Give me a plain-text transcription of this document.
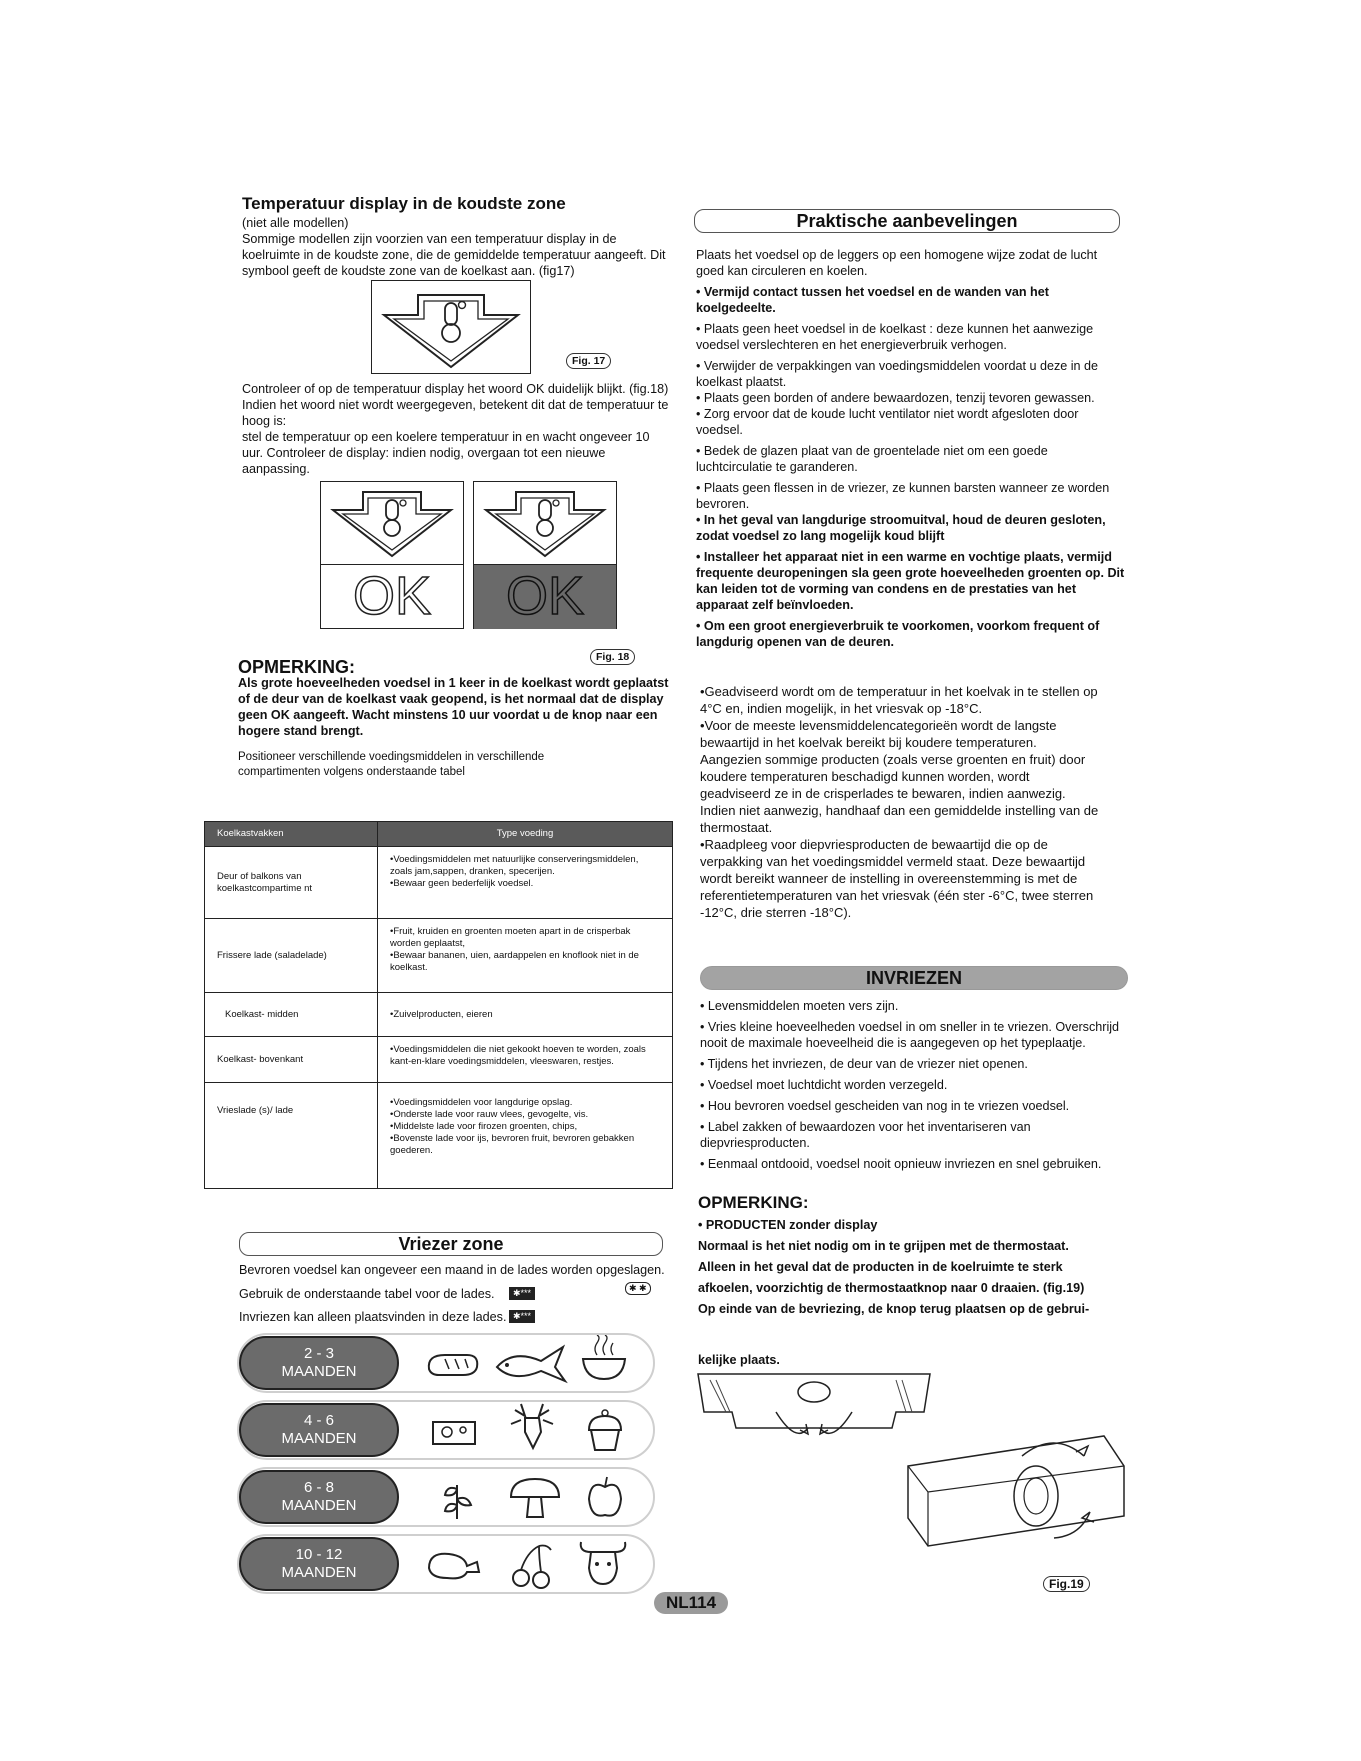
Temperatuur display in de koudste zone
(niet alle modellen)
Sommige modellen zijn voorzien van een temperatuur display in de koelruimte in de koudste zone, die de gemiddelde temperatuur aangeeft. Dit symbool geeft de koudste zone van de koelkast aan. (fig17)
Fig. 17
Controleer of op de temperatuur display het woord OK duidelijk blijkt. (fig.18)
Indien het woord niet wordt weergegeven, betekent dit dat de temperatuur te hoog is:
stel de temperatuur op een koelere temperatuur in en wacht ongeveer 10 uur. Controleer de display: indien nodig, overgaan tot een nieuwe aanpassing.
OK	OK
Fig. 18
OPMERKING:
Als grote hoeveelheden voedsel in 1 keer in de koelkast wordt geplaatst of de deur van de koelkast vaak geopend, is het normaal dat de display geen OK aangeeft. Wacht minstens 10 uur voordat u de knop naar een hogere stand brengt.
Positioneer verschillende voedingsmiddelen in verschillende compartimenten volgens onderstaande tabel
Koelkastvakken	Type voeding
Deur of balkons van koelkastcompartime nt	•Voedingsmiddelen met natuurlijke conserveringsmiddelen, zoals jam,sappen, dranken, specerijen.
•Bewaar geen bederfelijk voedsel.

Frissere lade (saladelade)	•Fruit, kruiden en groenten moeten apart in de crisperbak worden geplaatst,
•Bewaar bananen, uien, aardappelen en knoflook niet in de koelkast.

Koelkast- midden	•Zuivelproducten, eieren

Koelkast- bovenkant	•Voedingsmiddelen die niet gekookt hoeven te worden, zoals kant-en-klare voedingsmiddelen, vleeswaren, restjes.

Vrieslade (s)/ lade	•Voedingsmiddelen voor langdurige opslag.
•Onderste lade voor rauw vlees, gevogelte, vis.
•Middelste lade voor firozen groenten, chips,
•Bovenste lade voor ijs, bevroren fruit, bevroren gebakken goederen.
Vriezer zone
Bevroren voedsel kan ongeveer een maand in de lades worden opgeslagen.
Gebruik de onderstaande tabel voor de lades.	✱***	✱ ✱
Invriezen kan alleen plaatsvinden in deze lades. ✱***
2 - 3
MAANDEN
4 - 6
MAANDEN
6 - 8
MAANDEN
10 - 12
MAANDEN
Praktische aanbevelingen
Plaats het voedsel op de leggers op een homogene wijze zodat de lucht goed kan circuleren en koelen.
• Vermijd contact tussen het voedsel en de wanden van het koelgedeelte.
• Plaats geen heet voedsel in de koelkast : deze kunnen het aanwezige voedsel verslechteren en het energieverbruik verhogen.
• Verwijder de verpakkingen van voedingsmiddelen voordat u deze in de koelkast plaatst.
• Plaats geen borden of andere bewaardozen, tenzij tevoren gewassen.
• Zorg ervoor dat de koude lucht ventilator niet wordt afgesloten door voedsel.
• Bedek de glazen plaat van de groentelade niet om een goede luchtcirculatie te garanderen.
• Plaats geen flessen in de vriezer, ze kunnen barsten wanneer ze worden bevroren.
• In het geval van langdurige stroomuitval, houd de deuren gesloten, zodat voedsel zo lang mogelijk koud blijft
• Installeer het apparaat niet in een warme en vochtige plaats, vermijd frequente deuropeningen sla geen grote hoeveelheden groenten op. Dit kan leiden tot de vorming van condens en de prestaties van het apparaat zelf beïnvloeden.
• Om een groot energieverbruik te voorkomen, voorkom frequent of langdurig openen van de deuren.
•Geadviseerd wordt om de temperatuur in het koelvak in te stellen op 4°C en, indien mogelijk, in het vriesvak op -18°C.
•Voor de meeste levensmiddelencategorieën wordt de langste bewaartijd in het koelvak bereikt bij koudere temperaturen. Aangezien sommige producten (zoals verse groenten en fruit) door koudere temperaturen beschadigd kunnen worden, wordt geadviseerd ze in de crisperlades te bewaren, indien aanwezig. Indien niet aanwezig, handhaaf dan een gemiddelde instelling van de thermostaat.
•Raadpleeg voor diepvriesproducten de bewaartijd die op de verpakking van het voedingsmiddel vermeld staat. Deze bewaartijd wordt bereikt wanneer de instelling in overeenstemming is met de referentietemperaturen van het vriesvak (één ster -6°C, twee sterren -12°C, drie sterren -18°C).
INVRIEZEN
• Levensmiddelen moeten vers zijn.
• Vries kleine hoeveelheden voedsel in om sneller in te vriezen. Overschrijd nooit de maximale hoeveelheid die is aangegeven op het typeplaatje.
• Tijdens het invriezen, de deur van de vriezer niet openen.
• Voedsel moet luchtdicht worden verzegeld.
• Hou bevroren voedsel gescheiden van nog in te vriezen voedsel.
• Label zakken of bewaardozen voor het inventariseren van diepvriesproducten.
• Eenmaal ontdooid, voedsel nooit opnieuw invriezen en snel gebruiken.
OPMERKING:
• PRODUCTEN zonder display
Normaal is het niet nodig om in te grijpen met de thermostaat.
Alleen in het geval dat de producten in de koelruimte te sterk
afkoelen, voorzichtig de thermostaatknop naar 0 draaien. (fig.19)
Op einde van de bevriezing, de knop terug plaatsen op de gebrui-
kelijke plaats.
Fig.19
NL114
